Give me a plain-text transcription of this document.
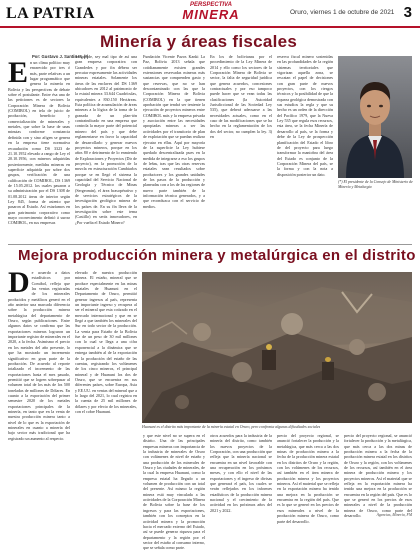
LA PATRIA	PERSPECTIVA
MINERA	Oruro, viernes 1 de octubre de 2021 3
Minería y áreas fiscales
Por: Gustavo J. Santín M. (*)
En un clima político muy enrarecido por tres ó más, parte relativas a un lugar programático que genera la minería en Bolivia y las perspectivas de debate sobre el postulante. Entre ésa una de las peticiones es de sectores la Corporación Minera de Bolivia (COMIBOL) en tela de juicio de producción, beneficio y comercialización de minerales y metales, que sobre la base de unas minutas conforme constancia definida con y sino afigen se genera en la empresa tiene normativa recaudación como DS 3323 de 21.10.1952 elevado a rango de Ley el 20.10.1956, con mineros adquiridas posteriormente, medidas mineras en superficie adquirida por sobre dos grupos, verificación de una calificación de COMIBOL, DS 1369 de 15.05.2012. los cuales pasaron a su administración por el DS 1308 de 01.08.2012 áreas de interior según Ley 845, forma de asiento que pasaron al Estado. Así estaríamos en gran patrimonio corporativo como mayo ocorrecimento definió á surrar COMIBOL, en sus empresas
de grande, sey mal tipo de así una gran empresa corporativa con Grandedes y por fin débera ser percatar expresamente las actividades mineras estatales. Solamente los áreas de las enclaves del DS 1369 ubicadores en 2012 al patrimonio de la estatal minera 33.644 Cuadrículas, equivalentes a 830.150 Hectáreas. Esta política de acumulación de áreas mineras a la lógica de la toma de la granada de un plan-tón contraindicado en una empresa que controla la mayor parte del potencial minero del país y que debe reglamentarse en favor la capacidad de desarrollarlo y generar nuevos proyectos mineros, porque en los años 80 e detrimento de lo enmiendo de Exploraciones y Proyectos (Dir de proyecto), en la promoción de la mezcla en estructuración Cambiarlos porque se en llegó el sistema la capacidad del Servicio Nacional de Geología y Técnico de Minas (Sergeomin), el área brasopérativo y de servicios estratégicos de la investigación geológico minera de los países de. En su fín lleva de la investigación sobre este tema (Castillo) en serás innovadores, en ¿Por vuelta el Estado Minero?
Fundación Vicente Pazos Kanki La Paz, Bolivia 2013 señala que cotidianamente existen grandes extensiones reservadas mineras más sustancias que comprenden gasto y que reservas, que no se han descontaminado con las que la Corporación Minera de Bolivia (COMIBOL) en la que tienen aprobación que tendrá ser teniente la ejecución de proyectos mineros entre COMIBOL más y la empresa privada y asociación entre las necesidades apropiadas mineras a ser las actividades por el transitorio de plan de explotación que se puedan realizar ejecutar en ellas. Aquí por mayoría de la superficie la Ley hubiese quedado descentralizada pues en la medida de integrarse a eso los grupos de leñas, tras que las otras reservas estatales sean resultados sobre productores y los grandes unidades de los pasos de la producción y planeadas con a los de las regiones de nuevo parte también de la información técnica generados, y a que reconduzca con el servicio de medios.
En los de bolivianas por el procedimiento de la Ley Minera de 2014 y ello como los sectores de la Corporación Minera de Bolivia se sector, la falta de seguridad jurídica que genera acuerdos, concesiones contractuales y por eso tampoco puede hacer que se vean todas las clasificaciones (la Autoridad Jurisdiccional de las Sociedad Ley 535), que deberá adecuarse a las necesidades actuales, como en el caso de las modificaciones que se ha hecho en la reglamentación de los dos del sector, no cumplen la ley. 3) en
reserva fiscal minero sostenidas en las profundidades de la región sistemas territoriales que vigorizan aquella zona, se rescatan el papel de decisiones con gran parte de nuevos proyectos, con los riesgos técnicos y la posibilidad de que la riqueza geológica demostrada con sus estudios la regla y que su hecho es un orden de la dirección del Pacífico 1979, que la Nueva Ley 535 que regula esos recursos, esta área, se la fecha Minería de desarrollo al país, se la forma y debe de la Ley de prospección planificación del Estado el libro de del proyecto para luego transformar la maniobra del área del Estado es conjunto de la Corporación Minera del país, se la forma y con la nota a disposición posterior un dato.
(*) El presidente de la Consejo de Ministerio de Minería y Metalurgia
Mejora producción minera y metalúrgica en el distrito
De acuerdo a datos estadísticos por Comibol, refleja que las ventas registradas de los minerales producidos y metálicos generó en el año anterior una marcada diferencia sobre la producción minera metalúrgica del departamento de Oruro, según publicaciones. Entre algunos datos se confirma que las exportaciones mineras lograron un importante registro de minerales en el 2020, a la fecha. Asimismo el precio en los metales del año presente, lo que ha mostrado un incremento significativo en gran parte de la producción. De acuerdo al reporte totalizado el incremento de las exportaciones hasta el mes pasado, permitió que se logren sobrepasar al volumen total de los más de los 500 toneladas de millones de Dólares. En cuanto a la exportación del primer semestre 2020 de los metales exportaciones principales de la minería, en tanto que en la venta de nuestra producción minera tanto a nivel de lo que es la exportación de minerales en cuanto a minería del bajo sector más tradicional que ha registrado un aumento al respecto.
elevado de nuestra producción minera. El estaño, mineral que se produce especialmente en las minas estatales de Huanuni en el Departamento de Oruro, permitió generar ingresos al país, representa un importante ingreso y recupera al ser el mineral que esta cotizado en el mercado internacional y que en se llegó a que también los minerales del Sur en todo sector de la producción. La venta para Estaño de la Bolivia fue de un peso de 30 mil millones con lo cual se llega a una cifra exponencial a la dinámica que se entrega también al de la exportación de la producción del estaño de las cuentas, registrando los volúmenes de los cinco mineros, el principal mineral y de Huanuni los dos de Oruro, que se encuentra en sus diferentes países, sobre Europa, Asia y EE.UU. en ventas del mineral que a lo largo del 2021, lo cual registra en la cuenta de 25 mil millones de dólares y por efecto de los minerales, con el cobre Huanuni.
Huanuni es el distrito más importante de la minería estatal en Oruro, pero confronta algunas dificultades sociales
y que este nivel no se supera en el distrito. Una de las principales empresas mineras con importancia de la industria de minerales de Oruro con volúmenes de nivel de estaño y una producción de los minerales de Oruro y las ciudades de minerales, de la cual la empresa Huanuni, como la empresa estatal ha llegado a un volumen de producción con un total del presente. Así mismo la región minera está muy vinculada a las actividades de la Corporación Minera de Bolivia sobre la base de los ingresos y para las exportaciones, también con los conceptos en la actividad minera y la promoción hacia el mercado externo del Estado, así se puede generar riqueza para el departamento y la región por el sector del estaño al consumo interno, que se señala como parte.
otros acuerdos para la industria de la minería del distrito, como también los nuevos proyectos de la Corporación, con una producción que refleja que la minería nacional se encuentra en un nivel favorable con una recuperación en los próximos meses, y con ello el nivel de las exportaciones y el ingreso de divisas que generará el país, los cuales se verán reflejados en los informes estadísticos de la producción minera nacional y el crecimiento de la actividad en los próximos años del 2021 y 2022.
precio del proyecto regional, se anunció fortalecer la producción y la metalúrgica, que más cerca a las dos minas de producción minera a la fecha de la producción minera estatal en los distritos de Oruro y la región, con los volúmenes de los recursos, así también en el área minera de producción minera y los proyectos mineros. Así el material que se refleja en la exportación minera ha tenido una mejora en la producción se encuentra en la región del país. Que es lo que se generó en los precios de esos minerales a nivel de la producción minera de Oruro, como parte del desarrollo.
precio del proyecto regional, se anunció fortalecer la producción y la metalúrgica, que más cerca a las dos minas de producción minera a la fecha de la producción minera estatal en los distritos de Oruro y la región, con los volúmenes de los recursos, así también en el área minera de producción minera y los proyectos mineros. Así el material que se refleja en la exportación minera ha tenido una mejora en la producción se encuentra en la región del país. Que es lo que se generó en los precios de esos minerales a nivel de la producción minera de Oruro, como parte del desarrollo.	Agencias, Minería, FM
